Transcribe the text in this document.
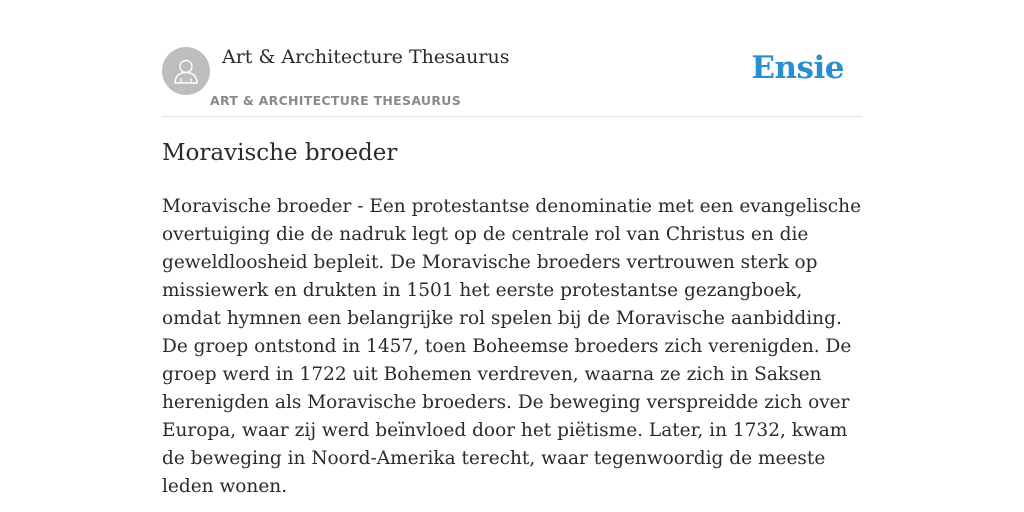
Art & Architecture Thesaurus
ART & ARCHITECTURE THESAURUS
Ensie
Moravische broeder

Moravische broeder - Een protestantse denominatie met een evangelische overtuiging die de nadruk legt op de centrale rol van Christus en die geweldloosheid bepleit. De Moravische broeders vertrouwen sterk op missiewerk en drukten in 1501 het eerste protestantse gezangboek, omdat hymnen een belangrijke rol spelen bij de Moravische aanbidding. De groep ontstond in 1457, toen Boheemse broeders zich verenigden. De groep werd in 1722 uit Bohemen verdreven, waarna ze zich in Saksen herenigden als Moravische broeders. De beweging verspreidde zich over Europa, waar zij werd beïnvloed door het piëtisme. Later, in 1732, kwam de beweging in Noord-Amerika terecht, waar tegenwoordig de meeste leden wonen.
